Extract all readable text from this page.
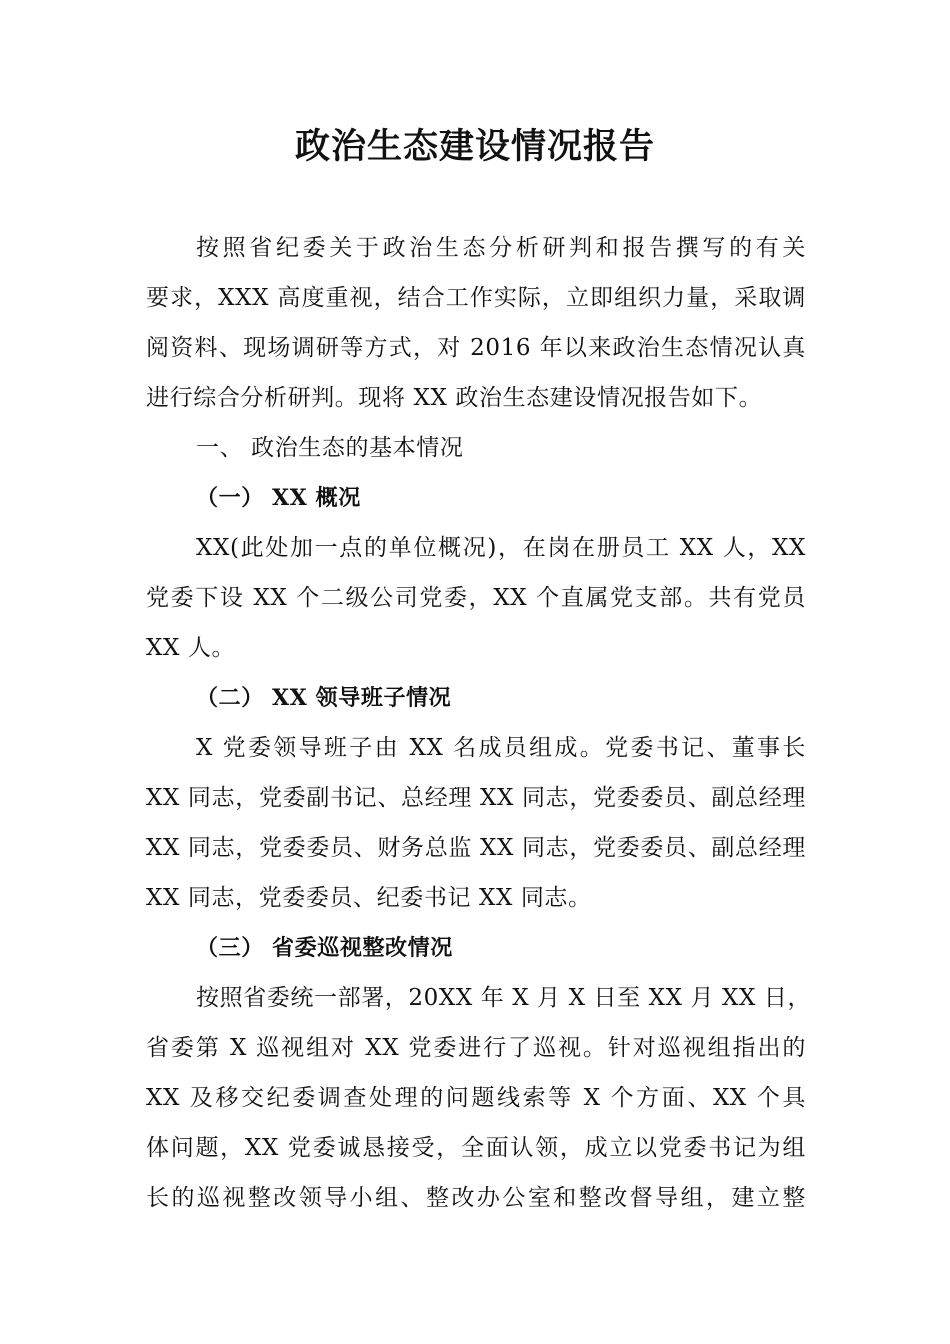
政治生态建设情况报告
按照省纪委关于政治生态分析研判和报告撰写的有关
要求，XXX 高度重视，结合工作实际，立即组织力量，采取调
阅资料、现场调研等方式，对 2016 年以来政治生态情况认真
进行综合分析研判。现将 XX 政治生态建设情况报告如下。
一、 政治生态的基本情况
（一） XX 概况
XX(此处加一点的单位概况)，在岗在册员工 XX 人，XX
党委下设 XX 个二级公司党委，XX 个直属党支部。共有党员
XX 人。
（二） XX 领导班子情况
X 党委领导班子由 XX 名成员组成。党委书记、董事长
XX 同志，党委副书记、总经理 XX 同志，党委委员、副总经理
XX 同志，党委委员、财务总监 XX 同志，党委委员、副总经理
XX 同志，党委委员、纪委书记 XX 同志。
（三） 省委巡视整改情况
按照省委统一部署，20XX 年 X 月 X 日至 XX 月 XX 日，
省委第 X 巡视组对 XX 党委进行了巡视。针对巡视组指出的
XX 及移交纪委调查处理的问题线索等 X 个方面、XX 个具
体问题，XX 党委诚恳接受，全面认领，成立以党委书记为组
长的巡视整改领导小组、整改办公室和整改督导组，建立整
